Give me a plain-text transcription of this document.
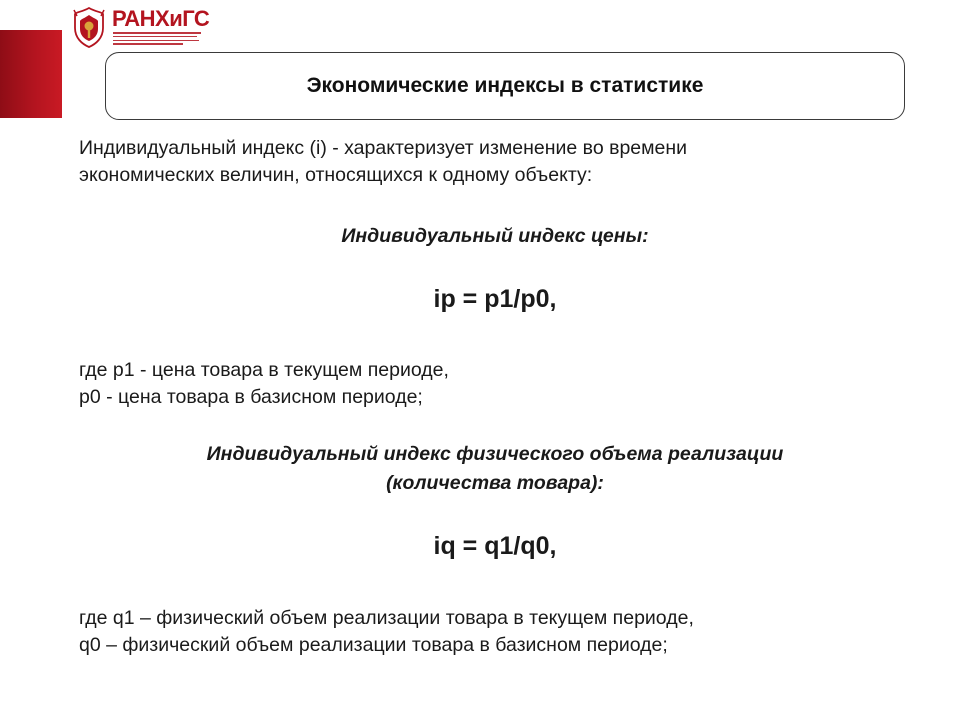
РАНХиГС
Экономические индексы в статистике
Индивидуальный индекс (i) - характеризует изменение во времени
экономических величин, относящихся к одному объекту:
Индивидуальный индекс цены:
ip = p1/p0,
где p1 - цена товара в текущем периоде,
p0 - цена товара в базисном периоде;
Индивидуальный индекс физического объема реализации
(количества товара):
iq = q1/q0,
где q1 – физический объем реализации товара в текущем периоде,
q0 – физический объем реализации товара в базисном периоде;
